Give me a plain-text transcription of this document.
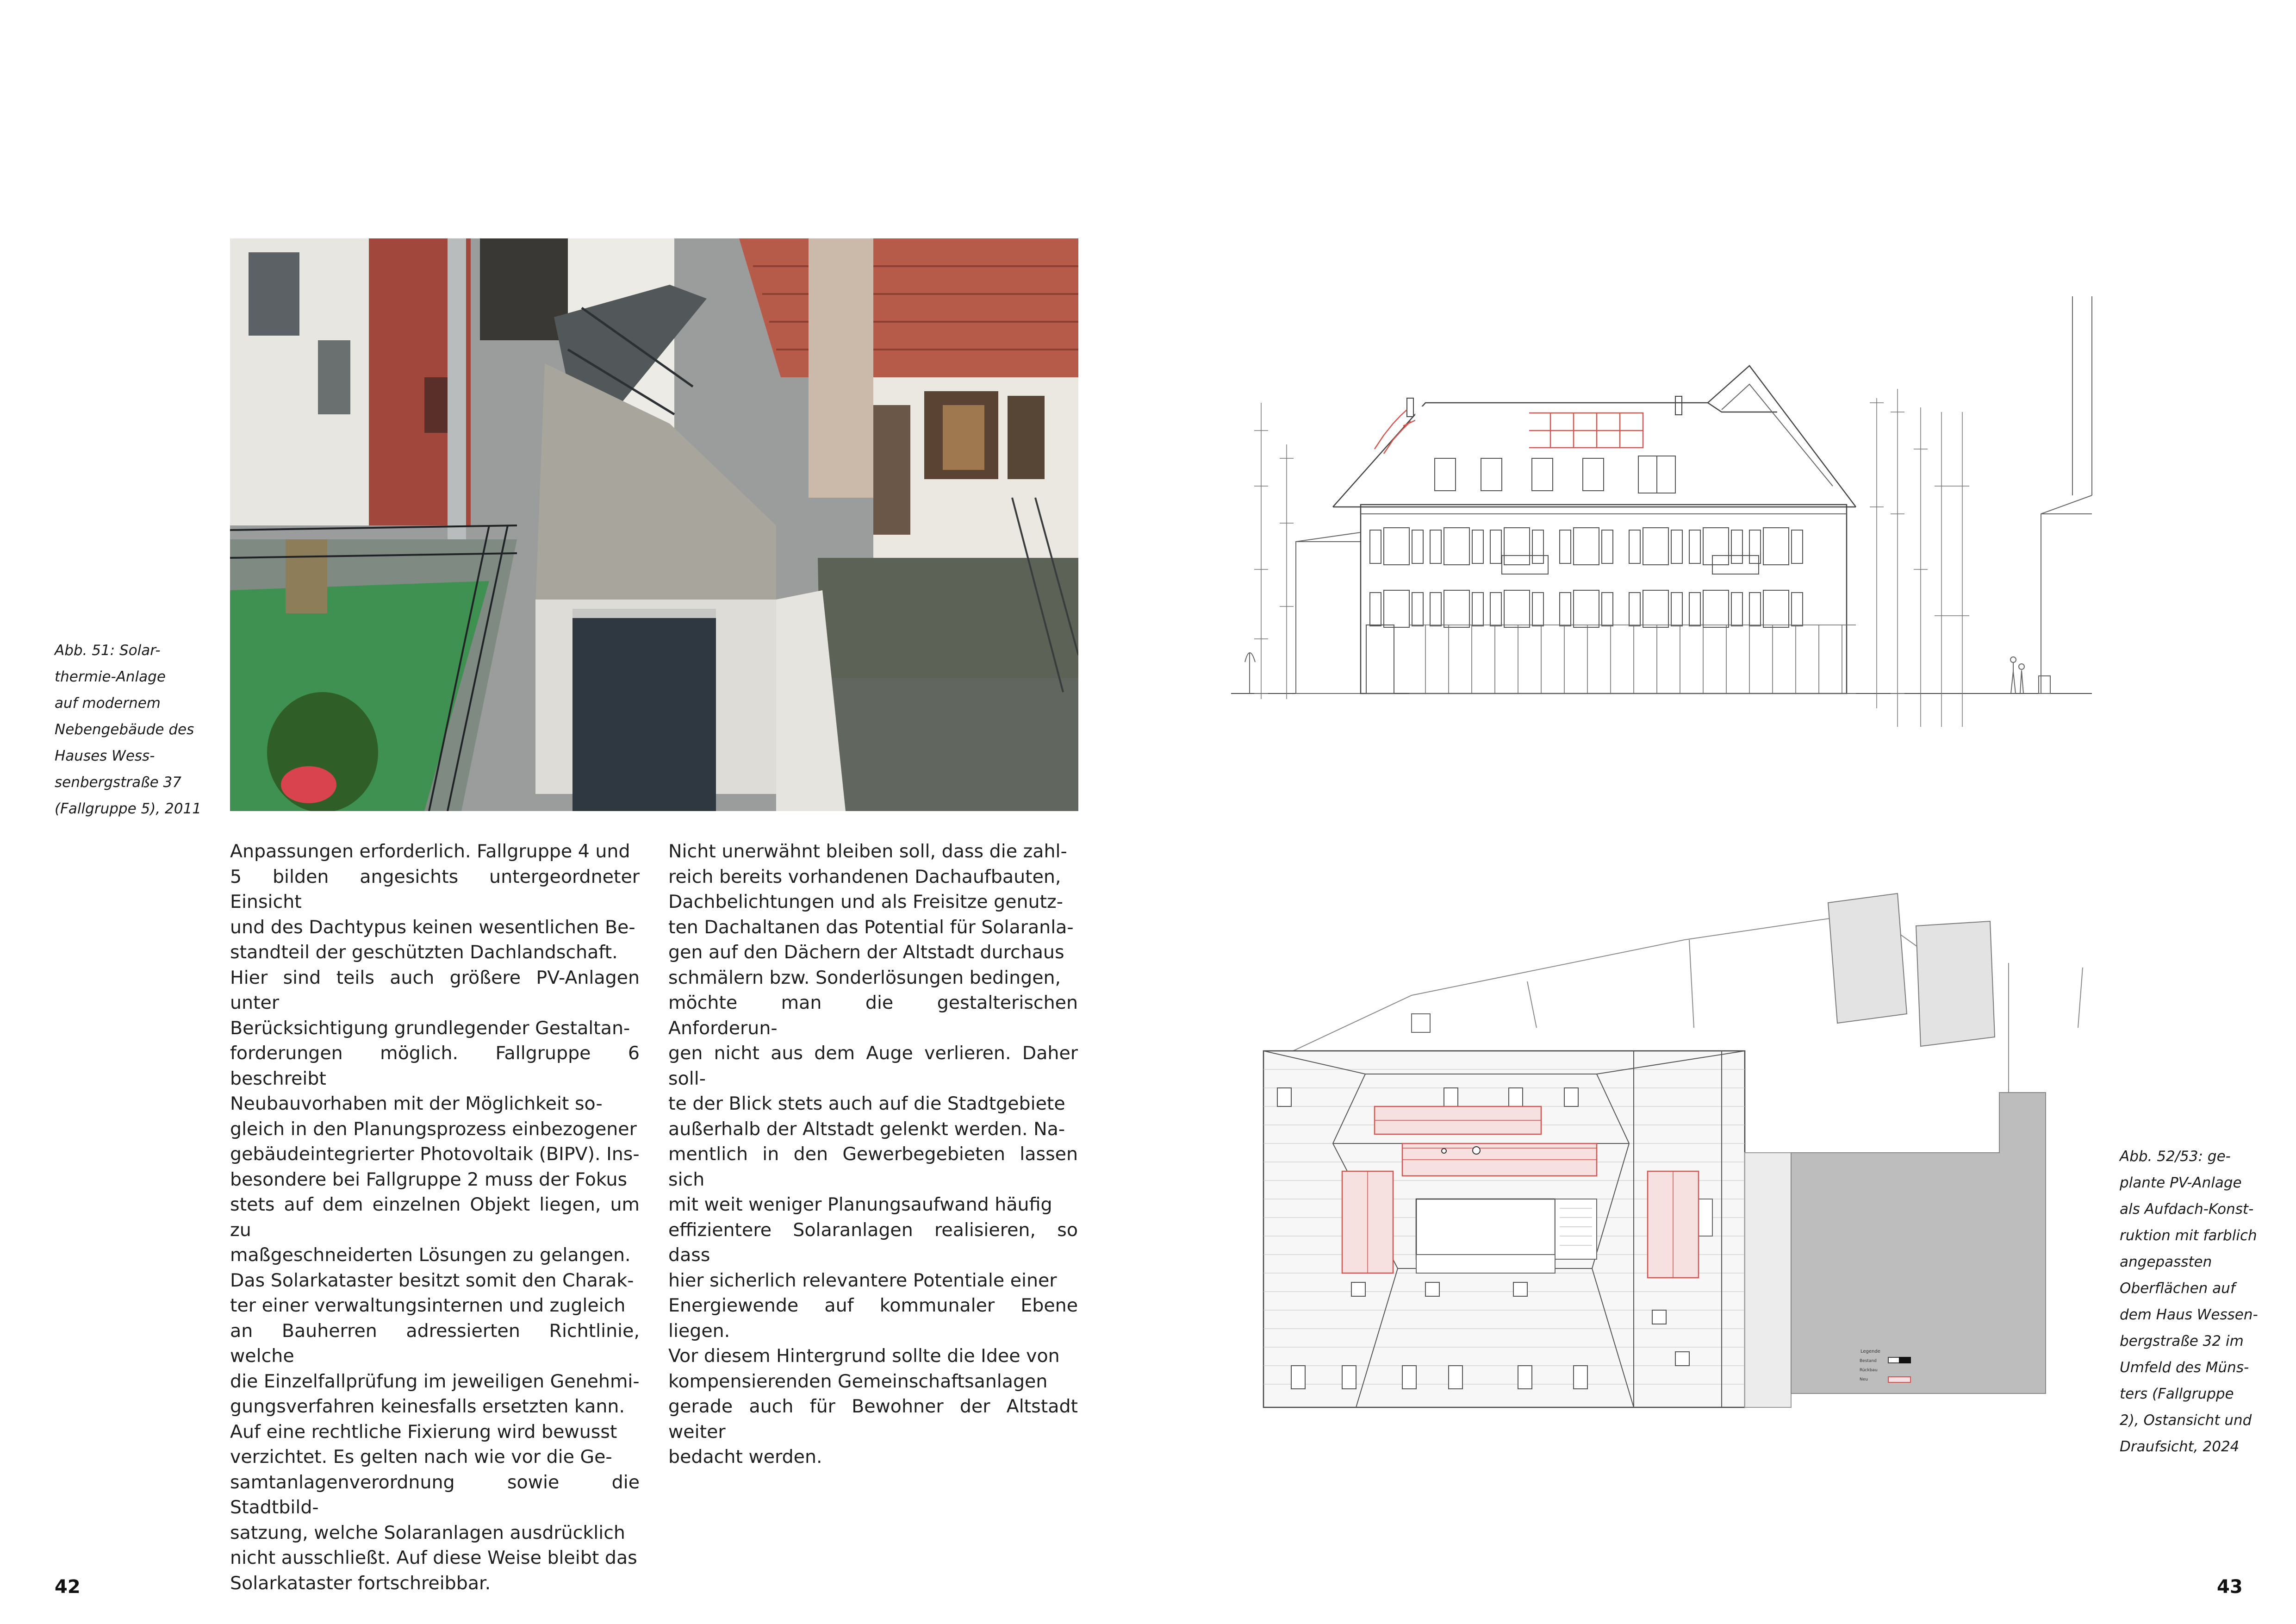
Abb. 51: Solar-

thermie-Anlage

auf modernem

Nebengebäude des

Hauses Wess-

senbergstraße 37

(Fallgruppe 5), 2011

Anpassungen erforderlich. Fallgruppe 4 und

5 bilden angesichts untergeordneter Einsicht

und des Dachtypus keinen wesentlichen Be-

standteil der geschützten Dachlandschaft.

Hier sind teils auch größere PV-Anlagen unter

Berücksichtigung grundlegender Gestaltan-

forderungen möglich. Fallgruppe 6 beschreibt

Neubauvorhaben mit der Möglichkeit so-

gleich in den Planungsprozess einbezogener

gebäudeintegrierter Photovoltaik (BIPV). Ins-

besondere bei Fallgruppe 2 muss der Fokus

stets auf dem einzelnen Objekt liegen, um zu

maßgeschneiderten Lösungen zu gelangen.

Das Solarkataster besitzt somit den Charak-

ter einer verwaltungsinternen und zugleich

an Bauherren adressierten Richtlinie, welche

die Einzelfallprüfung im jeweiligen Genehmi-

gungsverfahren keinesfalls ersetzten kann.

Auf eine rechtliche Fixierung wird bewusst

verzichtet. Es gelten nach wie vor die Ge-

samtanlagenverordnung sowie die Stadtbild-

satzung, welche Solaranlagen ausdrücklich

nicht ausschließt. Auf diese Weise bleibt das

Solarkataster fortschreibbar.

Nicht unerwähnt bleiben soll, dass die zahl-

reich bereits vorhandenen Dachaufbauten,

Dachbelichtungen und als Freisitze genutz-

ten Dachaltanen das Potential für Solaranla-

gen auf den Dächern der Altstadt durchaus

schmälern bzw. Sonderlösungen bedingen,

möchte man die gestalterischen Anforderun-

gen nicht aus dem Auge verlieren. Daher soll-

te der Blick stets auch auf die Stadtgebiete

außerhalb der Altstadt gelenkt werden. Na-

mentlich in den Gewerbegebieten lassen sich

mit weit weniger Planungsaufwand häufig

effizientere Solaranlagen realisieren, so dass

hier sicherlich relevantere Potentiale einer

Energiewende auf kommunaler Ebene liegen.

Vor diesem Hintergrund sollte die Idee von

kompensierenden Gemeinschaftsanlagen

gerade auch für Bewohner der Altstadt weiter

bedacht werden.

Legende
Bestand
Rückbau
Neu

Abb. 52/53: ge-

plante PV-Anlage

als Aufdach-Konst-

ruktion mit farblich

angepassten

Oberflächen auf

dem Haus Wessen-

bergstraße 32 im

Umfeld des Müns-

ters (Fallgruppe

2), Ostansicht und

Draufsicht, 2024

42	43
